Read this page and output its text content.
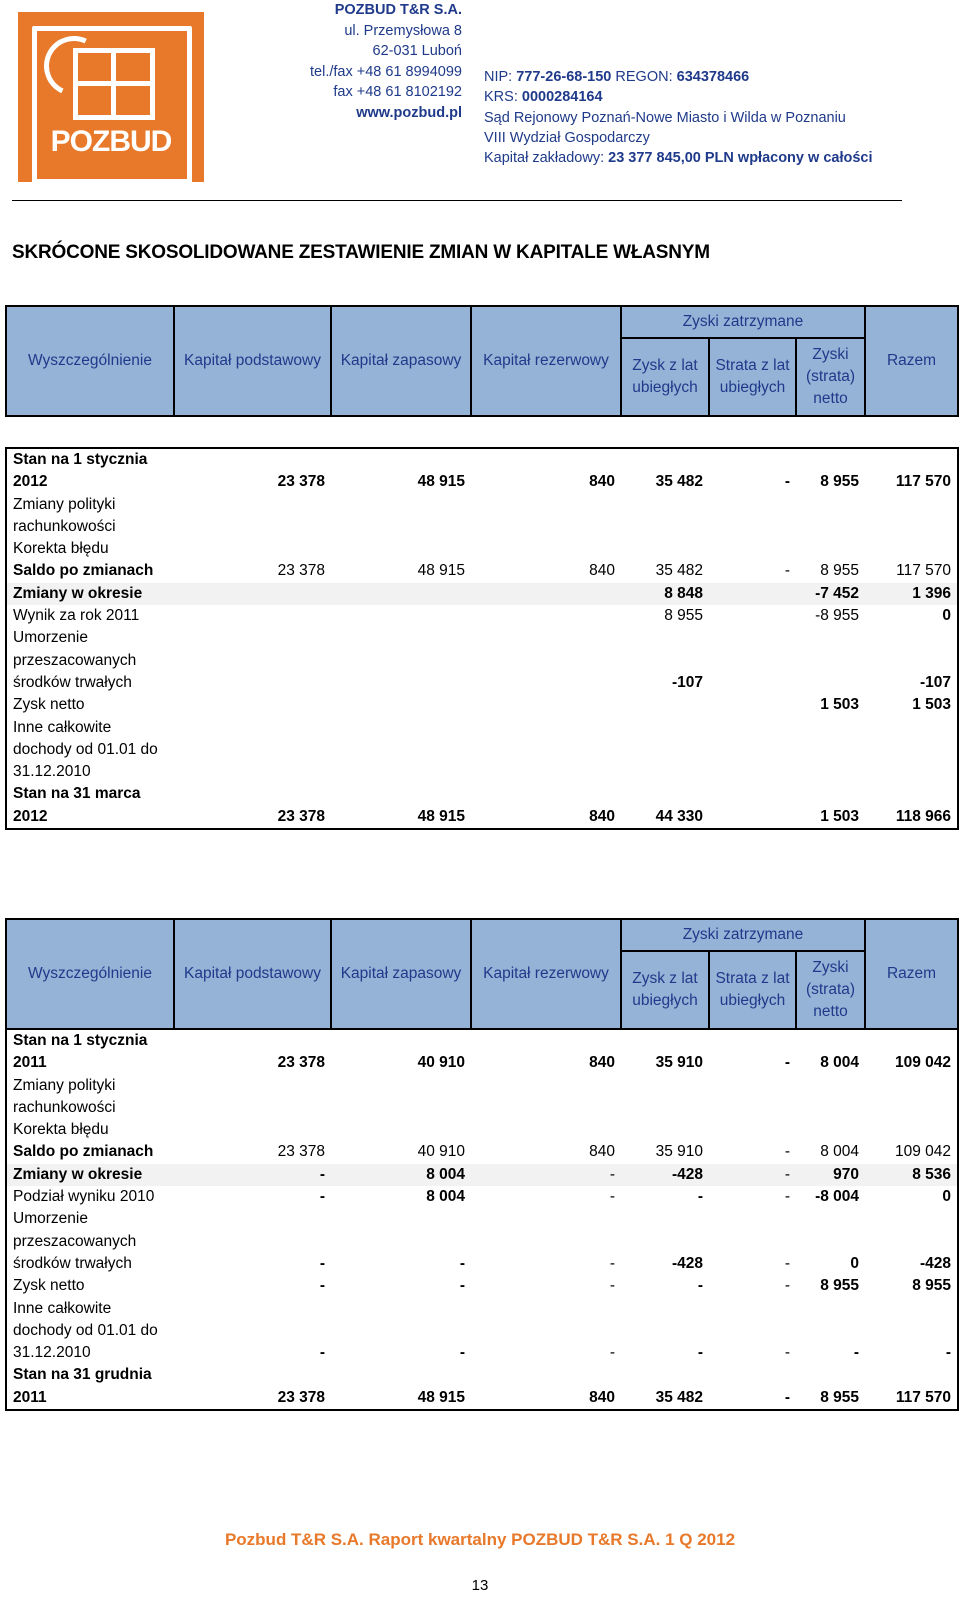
POZBUD
POZBUD T&R S.A.
ul. Przemysłowa 8
62-031 Luboń
tel./fax +48 61 8994099
fax +48 61 8102192
www.pozbud.pl
NIP: 777-26-68-150 REGON: 634378466
KRS: 0000284164
Sąd Rejonowy Poznań-Nowe Miasto i Wilda w Poznaniu
VIII Wydział Gospodarczy
Kapitał zakładowy: 23 377 845,00 PLN wpłacony w całości
SKRÓCONE SKOSOLIDOWANE ZESTAWIENIE ZMIAN W KAPITALE WŁASNYM
Wyszczególnienie	Kapitał podstawowy	Kapitał zapasowy	Kapitał rezerwowy	Zyski zatrzymane			Razem
				Zysk z lat ubiegłych	Strata z lat ubiegłych	Zyski (strata) netto	

Stan na 1 stycznia 2012	23 378	48 915	840	35 482	-	8 955	117 570
Zmiany polityki rachunkowości							
Korekta błędu							
Saldo po zmianach	23 378	48 915	840	35 482	-	8 955	117 570
Zmiany w okresie				8 848		-7 452	1 396
Wynik za rok 2011				8 955		-8 955	0
Umorzenie przeszacowanych środków trwałych				-107			-107
Zysk netto						1 503	1 503
Inne całkowite dochody od 01.01 do 31.12.2010							
Stan na 31 marca 2012	23 378	48 915	840	44 330		1 503	118 966
Wyszczególnienie	Kapitał podstawowy	Kapitał zapasowy	Kapitał rezerwowy	Zyski zatrzymane			Razem
				Zysk z lat ubiegłych	Strata z lat ubiegłych	Zyski (strata) netto	
Stan na 1 stycznia 2011	23 378	40 910	840	35 910	-	8 004	109 042
Zmiany polityki rachunkowości							
Korekta błędu							
Saldo po zmianach	23 378	40 910	840	35 910	-	8 004	109 042
Zmiany w okresie	-	8 004	-	-428	-	970	8 536
Podział wyniku 2010	-	8 004	-	-	-	-8 004	0
Umorzenie przeszacowanych środków trwałych	-	-	-	-428	-	0	-428
Zysk netto	-	-	-	-	-	8 955	8 955
Inne całkowite dochody od 01.01 do 31.12.2010	-	-	-	-	-	-	-
Stan na 31 grudnia 2011	23 378	48 915	840	35 482	-	8 955	117 570
Pozbud T&R S.A. Raport kwartalny POZBUD T&R S.A. 1 Q 2012
13
